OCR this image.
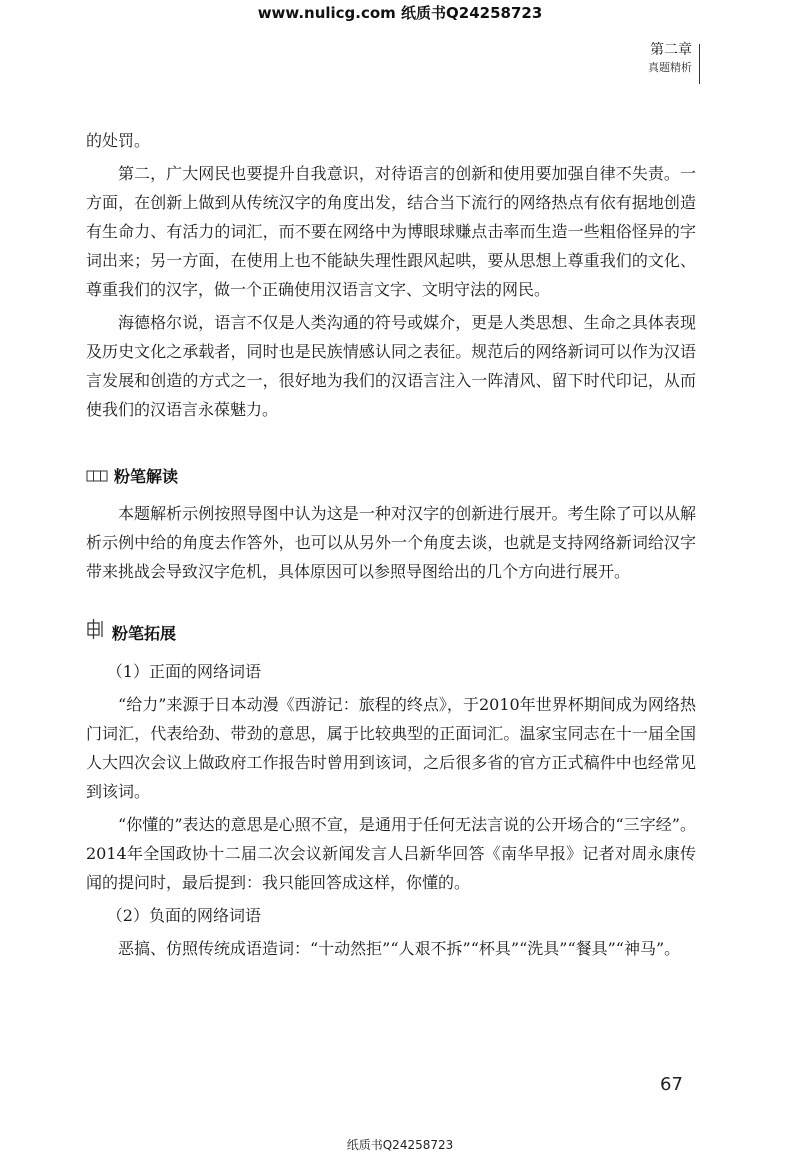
www.nulicg.com 纸质书Q24258723
第二章
真题精析

的处罚。

第二，广大网民也要提升自我意识，对待语言的创新和使用要加强自律不失责。一方面，在创新上做到从传统汉字的角度出发，结合当下流行的网络热点有依有据地创造有生命力、有活力的词汇，而不要在网络中为博眼球赚点击率而生造一些粗俗怪异的字词出来；另一方面，在使用上也不能缺失理性跟风起哄，要从思想上尊重我们的文化、尊重我们的汉字，做一个正确使用汉语言文字、文明守法的网民。

海德格尔说，语言不仅是人类沟通的符号或媒介，更是人类思想、生命之具体表现及历史文化之承载者，同时也是民族情感认同之表征。规范后的网络新词可以作为汉语言发展和创造的方式之一，很好地为我们的汉语言注入一阵清风、留下时代印记，从而使我们的汉语言永葆魅力。

粉笔解读

本题解析示例按照导图中认为这是一种对汉字的创新进行展开。考生除了可以从解析示例中给的角度去作答外，也可以从另外一个角度去谈，也就是支持网络新词给汉字带来挑战会导致汉字危机，具体原因可以参照导图给出的几个方向进行展开。

粉笔拓展

（1）正面的网络词语

“给力”来源于日本动漫《西游记：旅程的终点》，于2010年世界杯期间成为网络热门词汇，代表给劲、带劲的意思，属于比较典型的正面词汇。温家宝同志在十一届全国人大四次会议上做政府工作报告时曾用到该词，之后很多省的官方正式稿件中也经常见到该词。

“你懂的”表达的意思是心照不宣，是通用于任何无法言说的公开场合的“三字经”。2014年全国政协十二届二次会议新闻发言人吕新华回答《南华早报》记者对周永康传闻的提问时，最后提到：我只能回答成这样，你懂的。

（2）负面的网络词语

恶搞、仿照传统成语造词：“十动然拒”“人艰不拆”“杯具”“洗具”“餐具”“神马”。

67
纸质书Q24258723
